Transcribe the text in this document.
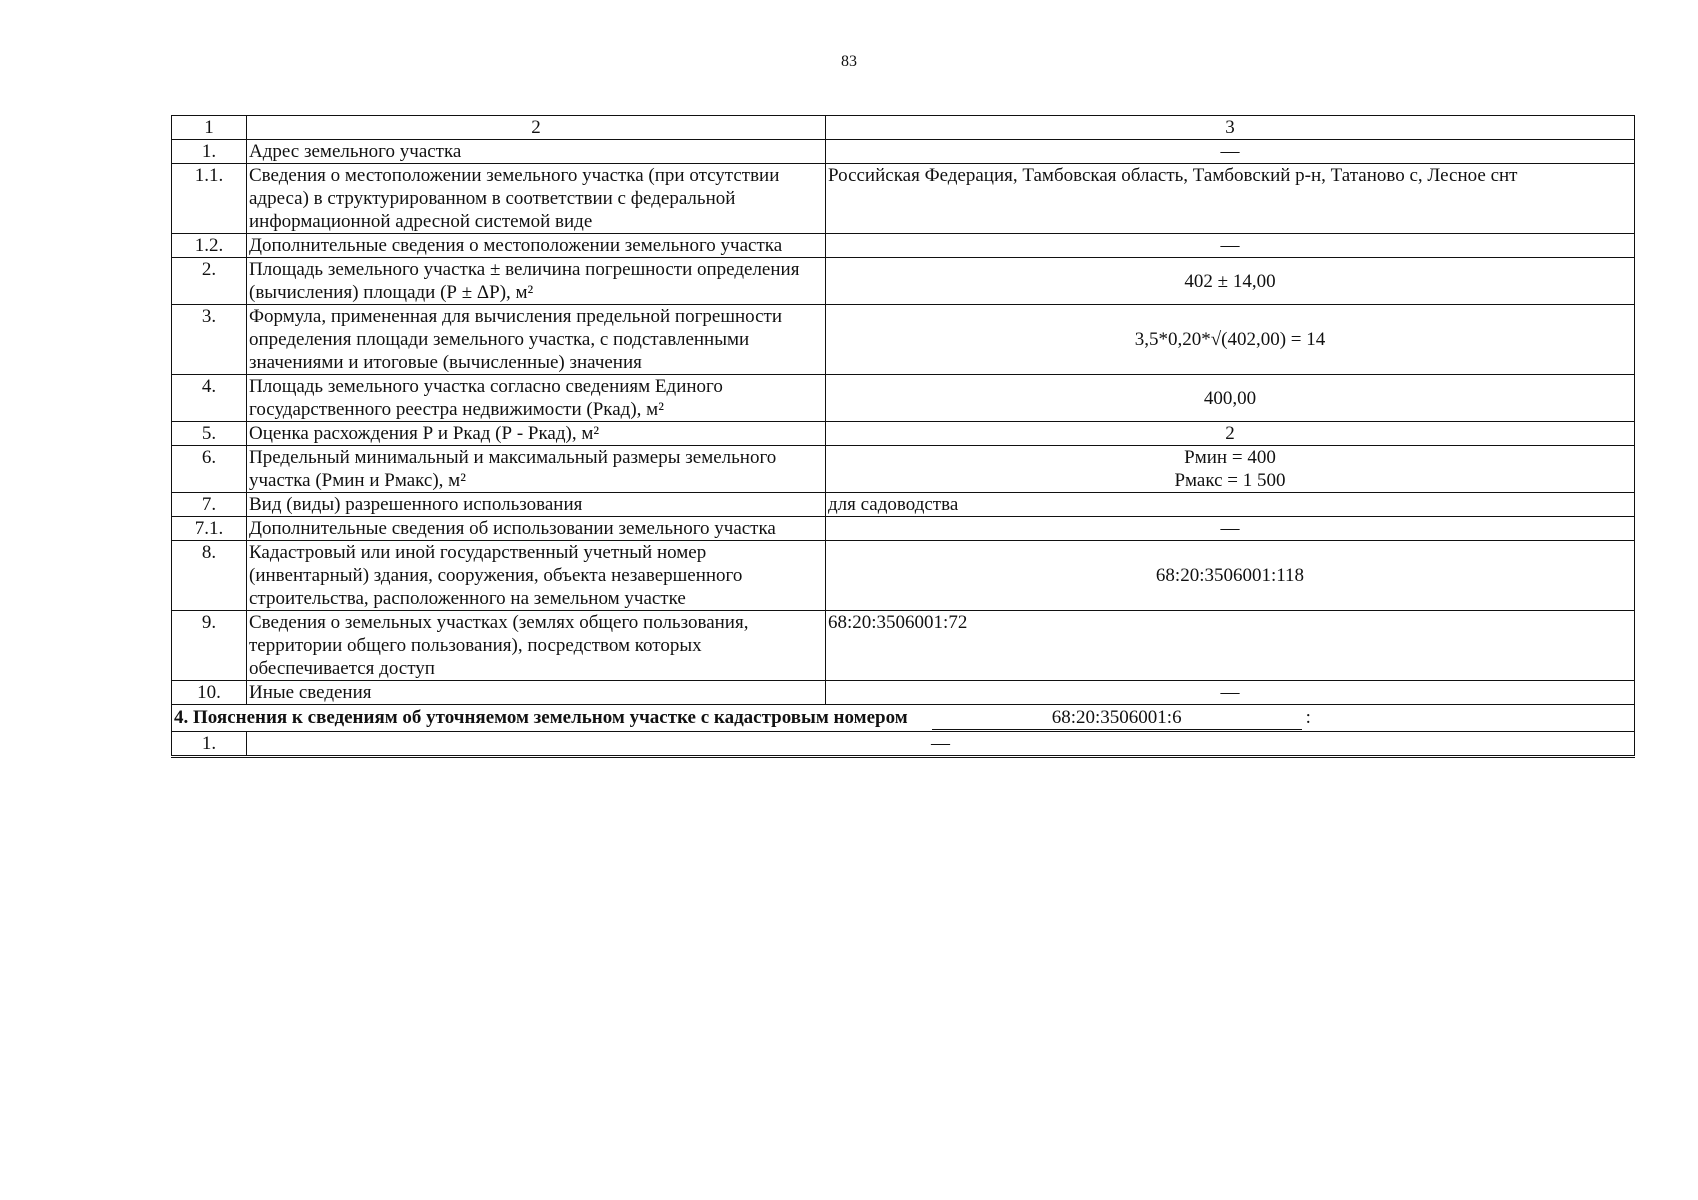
83
1	2	3
1.	Адрес земельного участка	—
1.1.	Сведения о местоположении земельного участка (при отсутствии адреса) в структурированном в соответствии с федеральной информационной адресной системой виде	Российская Федерация, Тамбовская область, Тамбовский р-н, Татаново с, Лесное снт
1.2.	Дополнительные сведения о местоположении земельного участка	—
2.	Площадь земельного участка ± величина погрешности определения (вычисления) площади (Р ± ΔР), м²	402 ± 14,00
3.	Формула, примененная для вычисления предельной погрешности определения площади земельного участка, с подставленными значениями и итоговые (вычисленные) значения	3,5*0,20*√(402,00) = 14
4.	Площадь земельного участка согласно сведениям Единого государственного реестра недвижимости (Ркад), м²	400,00
5.	Оценка расхождения Р и Ркад (Р - Ркад), м²	2
6.	Предельный минимальный и максимальный размеры земельного участка (Рмин и Рмакс), м²	Рмин = 400
Рмакс = 1 500

7.	Вид (виды) разрешенного использования	для садоводства
7.1.	Дополнительные сведения об использовании земельного участка	—
8.	Кадастровый или иной государственный учетный номер (инвентарный) здания, сооружения, объекта незавершенного строительства, расположенного на земельном участке	68:20:3506001:118
9.	Сведения о земельных участках (землях общего пользования, территории общего пользования), посредством которых обеспечивается доступ	68:20:3506001:72
10.	Иные сведения	—
4. Пояснения к сведениям об уточняемом земельном участке с кадастровым номером 68:20:3506001:6 :		
1.	—	
